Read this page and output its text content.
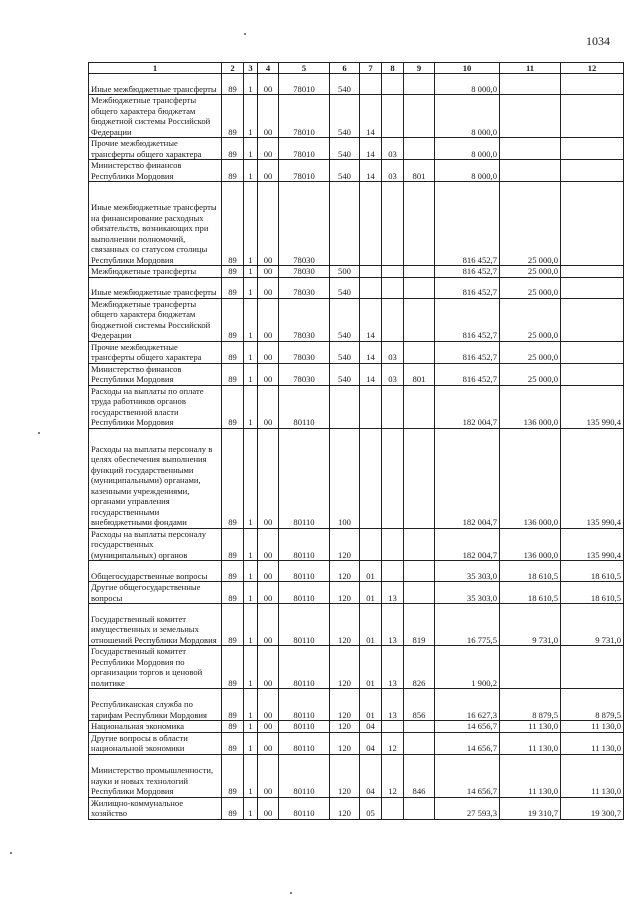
1034
1	2	3	4	5	6	7	8	9	10	11	12
Иные межбюджетные трансферты	89	1	00	78010	540				8 000,0		
Межбюджетные трансферты общего характера бюджетам бюджетной системы Российской Федерации	89	1	00	78010	540	14			8 000,0		
Прочие межбюджетные трансферты общего характера	89	1	00	78010	540	14	03		8 000,0		
Министерство финансов Республики Мордовия	89	1	00	78010	540	14	03	801	8 000,0		
Иные межбюджетные трансферты на финансирование расходных обязательств, возникающих при выполнении полномочий, связанных со статусом столицы Республики Мордовия	89	1	00	78030					816 452,7	25 000,0	
Межбюджетные трансферты	89	1	00	78030	500				816 452,7	25 000,0	
Иные межбюджетные трансферты	89	1	00	78030	540				816 452,7	25 000,0	
Межбюджетные трансферты общего характера бюджетам бюджетной системы Российской Федерации	89	1	00	78030	540	14			816 452,7	25 000,0	
Прочие межбюджетные трансферты общего характера	89	1	00	78030	540	14	03		816 452,7	25 000,0	
Министерство финансов Республики Мордовия	89	1	00	78030	540	14	03	801	816 452,7	25 000,0	
Расходы на выплаты по оплате труда работников органов государственной власти Республики Мордовия	89	1	00	80110					182 004,7	136 000,0	135 990,4
Расходы на выплаты персоналу в целях обеспечения выполнения функций государственными (муниципальными) органами, казенными учреждениями, органами управления государственными внебюджетными фондами	89	1	00	80110	100				182 004,7	136 000,0	135 990,4
Расходы на выплаты персоналу государственных (муниципальных) органов	89	1	00	80110	120				182 004,7	136 000,0	135 990,4
Общегосударственные вопросы	89	1	00	80110	120	01			35 303,0	18 610,5	18 610,5
Другие общегосударственные вопросы	89	1	00	80110	120	01	13		35 303,0	18 610,5	18 610,5
Государственный комитет имущественных и земельных отношений Республики Мордовия	89	1	00	80110	120	01	13	819	16 775,5	9 731,0	9 731,0
Государственный комитет Республики Мордовия по организации торгов и ценовой политике	89	1	00	80110	120	01	13	826	1 900,2		
Республиканская служба по тарифам Республики Мордовия	89	1	00	80110	120	01	13	856	16 627,3	8 879,5	8 879,5
Национальная экономика	89	1	00	80110	120	04			14 656,7	11 130,0	11 130,0
Другие вопросы в области национальной экономики	89	1	00	80110	120	04	12		14 656,7	11 130,0	11 130,0
Министерство промышленности, науки и новых технологий Республики Мордовия	89	1	00	80110	120	04	12	846	14 656,7	11 130,0	11 130,0
Жилищно-коммунальное хозяйство	89	1	00	80110	120	05			27 593,3	19 310,7	19 300,7
